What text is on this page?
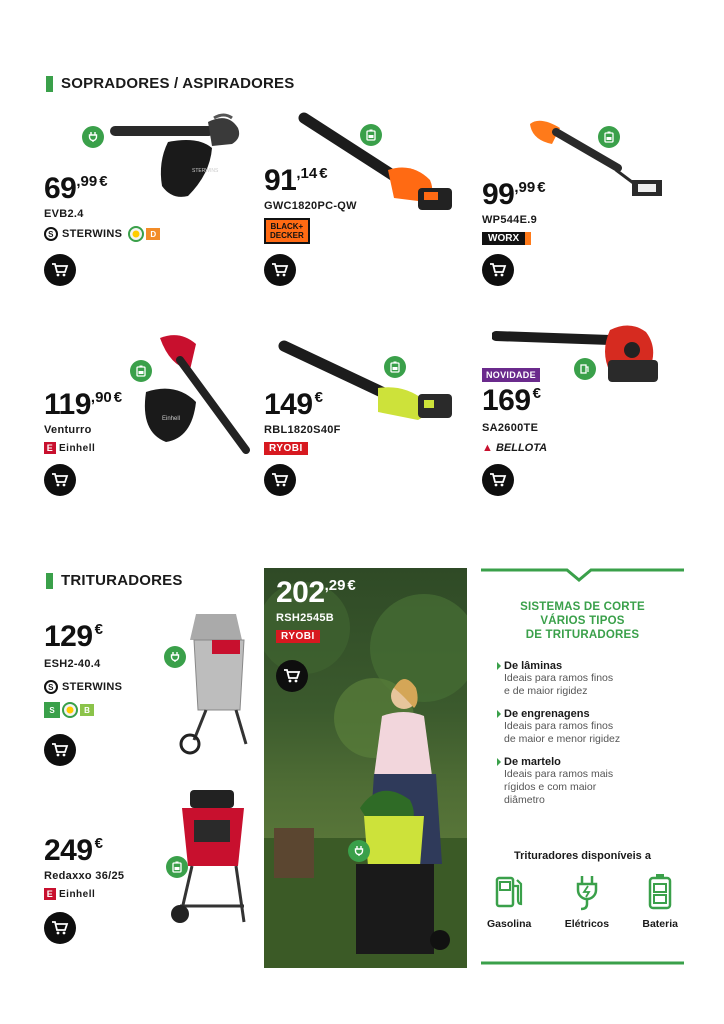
SOPRADORES / ASPIRADORES
STERWINS
69,99 €
EVB2.4
S STERWINS	D
91,14 €
GWC1820PC-QW
BLACK+
DECKER
99,99 €
WP544E.9
WORX
Einhell
119,90 €
Venturro
E Einhell
149 €
RBL1820S40F
RYOBI
NOVIDADE
169 €
SA2600TE
▲ BELLOTA
TRITURADORES
129 €
ESH2-40.4
S STERWINS
S	B
249 €
Redaxxo 36/25
E Einhell
202,29 €
RSH2545B
RYOBI
SISTEMAS DE CORTE
VÁRIOS TIPOS
DE TRITURADORES
De lâminas
Ideais para ramos finos
e de maior rigidez
De engrenagens
Ideais para ramos finos
de maior e menor rigidez
De martelo
Ideais para ramos mais
rígidos e com maior
diâmetro
Trituradores disponíveis a
Gasolina	Elétricos	Bateria
